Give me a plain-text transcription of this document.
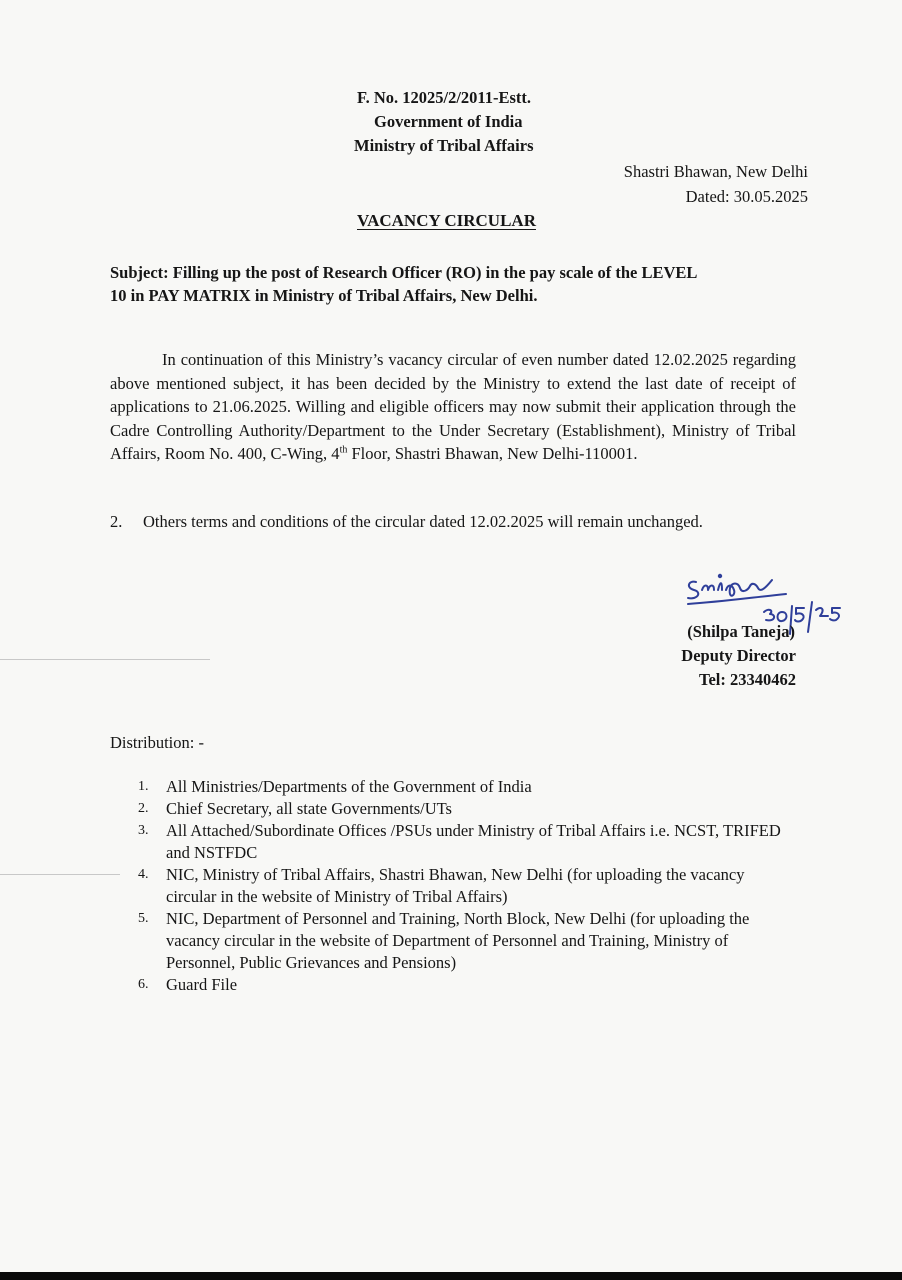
F. No. 12025/2/2011-Estt.
Government of India
Ministry of Tribal Affairs
Shastri Bhawan, New Delhi
Dated: 30.05.2025
VACANCY CIRCULAR
Subject: Filling up the post of Research Officer (RO) in the pay scale of the LEVEL
10 in PAY MATRIX in Ministry of Tribal Affairs, New Delhi.
In continuation of this Ministry’s vacancy circular of even number dated 12.02.2025 regarding above mentioned subject, it has been decided by the Ministry to extend the last date of receipt of applications to 21.06.2025. Willing and eligible officers may now submit their application through the Cadre Controlling Authority/Department to the Under Secretary (Establishment), Ministry of Tribal Affairs, Room No. 400, C-Wing, 4th Floor, Shastri Bhawan, New Delhi-110001.
2. Others terms and conditions of the circular dated 12.02.2025 will remain unchanged.
(Shilpa Taneja)
Deputy Director
Tel: 23340462
Distribution: -
1. All Ministries/Departments of the Government of India
2. Chief Secretary, all state Governments/UTs
3. All Attached/Subordinate Offices /PSUs under Ministry of Tribal Affairs i.e. NCST, TRIFED and NSTFDC
4. NIC, Ministry of Tribal Affairs, Shastri Bhawan, New Delhi (for uploading the vacancy circular in the website of Ministry of Tribal Affairs)
5. NIC, Department of Personnel and Training, North Block, New Delhi (for uploading the vacancy circular in the website of Department of Personnel and Training, Ministry of Personnel, Public Grievances and Pensions)
6. Guard File
